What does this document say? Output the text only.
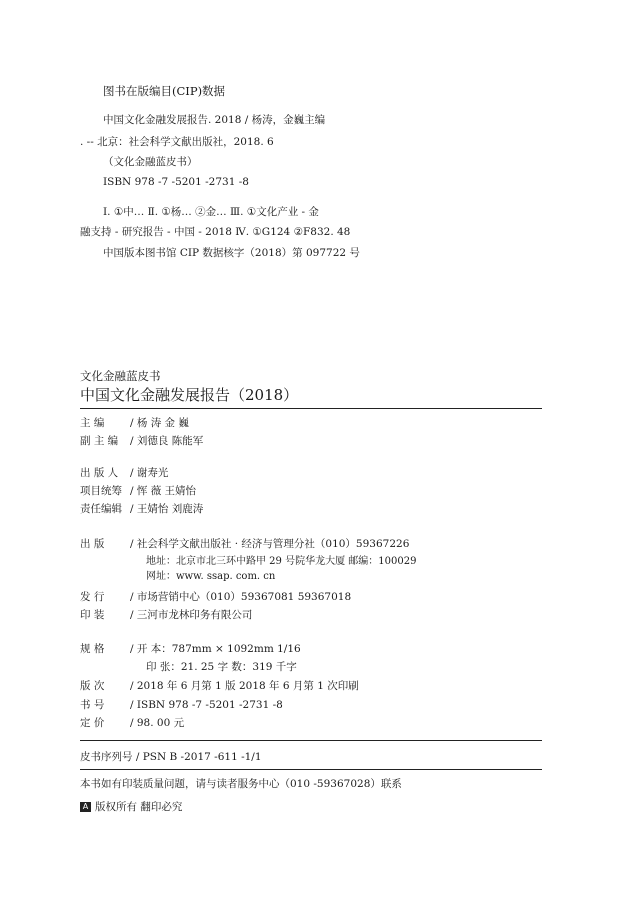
图书在版编目(CIP)数据
中国文化金融发展报告. 2018 / 杨涛，金巍主编
. -- 北京：社会科学文献出版社，2018. 6
（文化金融蓝皮书）
ISBN 978 -7 -5201 -2731 -8
Ⅰ. ①中… Ⅱ. ①杨… ②金… Ⅲ. ①文化产业 - 金
融支持 - 研究报告 - 中国 - 2018 Ⅳ. ①G124 ②F832. 48
中国版本图书馆 CIP 数据核字（2018）第 097722 号
文化金融蓝皮书
中国文化金融发展报告（2018）
主 编 / 杨 涛 金 巍
副 主 编 / 刘德良 陈能军
出 版 人 / 谢寿光
项目统筹 / 恽 薇 王婧怡
责任编辑 / 王婧怡 刘鹿涛
出 版 / 社会科学文献出版社 · 经济与管理分社（010）59367226
地址：北京市北三环中路甲 29 号院华龙大厦 邮编：100029
网址：www. ssap. com. cn
发 行 / 市场营销中心（010）59367081 59367018
印 装 / 三河市龙林印务有限公司
规 格 / 开 本：787mm × 1092mm 1/16
印 张：21. 25 字 数：319 千字
版 次 / 2018 年 6 月第 1 版 2018 年 6 月第 1 次印刷
书 号 / ISBN 978 -7 -5201 -2731 -8
定 价 / 98. 00 元
皮书序列号 / PSN B -2017 -611 -1/1
本书如有印装质量问题，请与读者服务中心（010 -59367028）联系
A 版权所有 翻印必究
